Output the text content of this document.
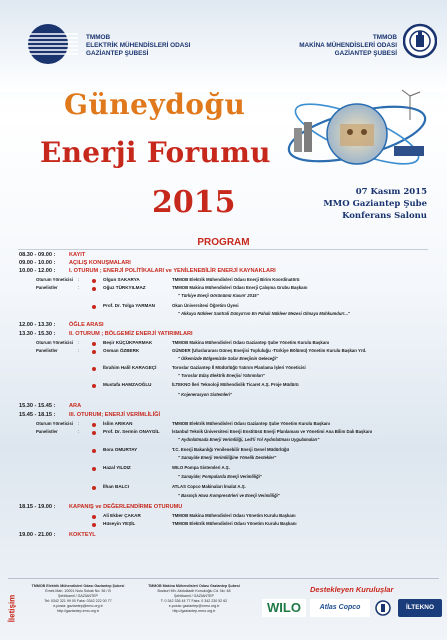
TMMOB
ELEKTRİK MÜHENDİSLERİ ODASI
GAZİANTEP ŞUBESİ
TMMOB
MAKİNA MÜHENDİSLERİ ODASI
GAZİANTEP ŞUBESİ
Güneydoğu
Enerji Forumu
2015	07 Kasım 2015
MMO Gaziantep Şube
Konferans Salonu
PROGRAM
08.30 - 09.00 : KAYIT
09.00 - 10.00 : AÇILIŞ KONUŞMALARI
10.00 - 12.00 : I. OTURUM ; ENERJİ POLİTİKALARI ve YENİLENEBİLİR ENERJİ KAYNAKLARI
Oturum Yöneticisi :	Olgun SAKARYA	TMMOB Elektrik Mühendisleri Odası Enerji Birim Koordinatörü
Panelistler	:	Oğuz TÜRKYILMAZ	TMMOB Makina Mühendisleri Odası Enerji Çalışma Grubu Başkanı
" Türkiye Enerji Görünümü Kasım' 2015"
Prof. Dr. Tolga YARMAN	Okan Üniversitesi Öğretim Üyesi
" Akkuyu Nükleer Santrali Dünya'nın En Pahalı Nükleer Mezesi Olmaya Mahkumdur!..."
12.00 - 13.30 : ÖĞLE ARASI
13.30 - 15.30 : II. OTURUM ; BÖLGEMİZ ENERJİ YATIRIMLARI
Oturum Yöneticisi :	Beşir KÜÇÜKPARMAK	TMMOB Makina Mühendisleri Odası Gaziantep Şube Yönetim Kurulu Başkanı
Panelistler	:	Osman ÖZBERK	GÜNDER (Uluslararası Güneş Enerjisi Topluluğu -Türkiye Bölümü) Yönetim Kurulu Başkan Yrd.
" Ülkemizde Bölgemizde Solar Enerjinin Geleceği"
İbrahim Halil KARAGEÇİ	Toroslar Gaziantep İl Müdürlüğü Yatırım Planlama İşleri Yöneticisi
" Toroslar Edaş Elektrik Enerjisi Yatırımları"
Mustafa HAMZAOĞLU	İLTEKNO İleri Teknoloji Mühendislik Ticaret A.Ş. Proje Müdürü
" Kojenerasyon Sistemleri"
15.30 - 15.45 : ARA
15.45 - 18.15 : III. OTURUM; ENERJİ VERİMLİLİĞİ
Oturum Yöneticisi :	İslim ARIKAN	TMMOB Elektrik Mühendisleri Odası Gaziantep Şube Yönetim Kurulu Başkanı
Panelistler	:	Prof. Dr. Sermin ONAYGİL	İstanbul Teknik Üniversitesi Enerji Enstitüsü Enerji Planlaması ve Yönetimi Ana Bilim Dalı Başkanı
" Aydınlatmada Enerji Verimliliği, Led'li Yol Aydınlatması Uygulamaları"
Bora OMURTAY	T.C. Enerji Bakanlığı Yenilenebilir Enerji Genel Müdürlüğü
" Sanayide Enerji Verimliliğine Yönelik Destekler"
Hazal YILDIZ	WILO Pompa Sistemleri A.Ş.
" Sanayide; Pompalarda Enerji Verimliliği"
İlhan BALCI	ATLAS Copco Makinaları İmalat A.Ş.
" Basınçlı Hava Kompresörleri ve Enerji Verimliliği"
18.15 - 19.00 : KAPANIŞ ve DEĞERLENDİRME OTURUMU
Ali Ekber ÇAKAR	TMMOB Makina Mühendisleri Odası Yönetim Kurulu Başkanı
Hüseyin YEŞİL	TMMOB Elektrik Mühendisleri Odası Yönetim Kurulu Başkanı
19.00 - 21.00 : KOKTEYL
İletişim
TMMOB Elektrik Mühendisleri Odası Gaziantep Şubesi
Emek Mah. 10001 Nolu Sokak No: 36 / B
Şehitkamil / GAZİANTEP
Tel: 0342 321 99 00 Faks: 0342 222 00 77
e-posta: gaziantep@emo.org.tr
http://gaziantep.emo.org.tr
TMMOB Makina Mühendisleri Odası Gaziantep Şubesi
Bozkurt Mh. Abdulkadir Konukoğlu Cd. No: 48
Şehitkamil / GAZİANTEP
T: 0 342 336 44 77 Faks: 0 342 230 52 62
e-posta: gaziantep@mmo.org.tr
http://gaziantep.mmo.org.tr
Destekleyen Kuruluşlar
WILO	Atlas Copco	İLTEKNO
